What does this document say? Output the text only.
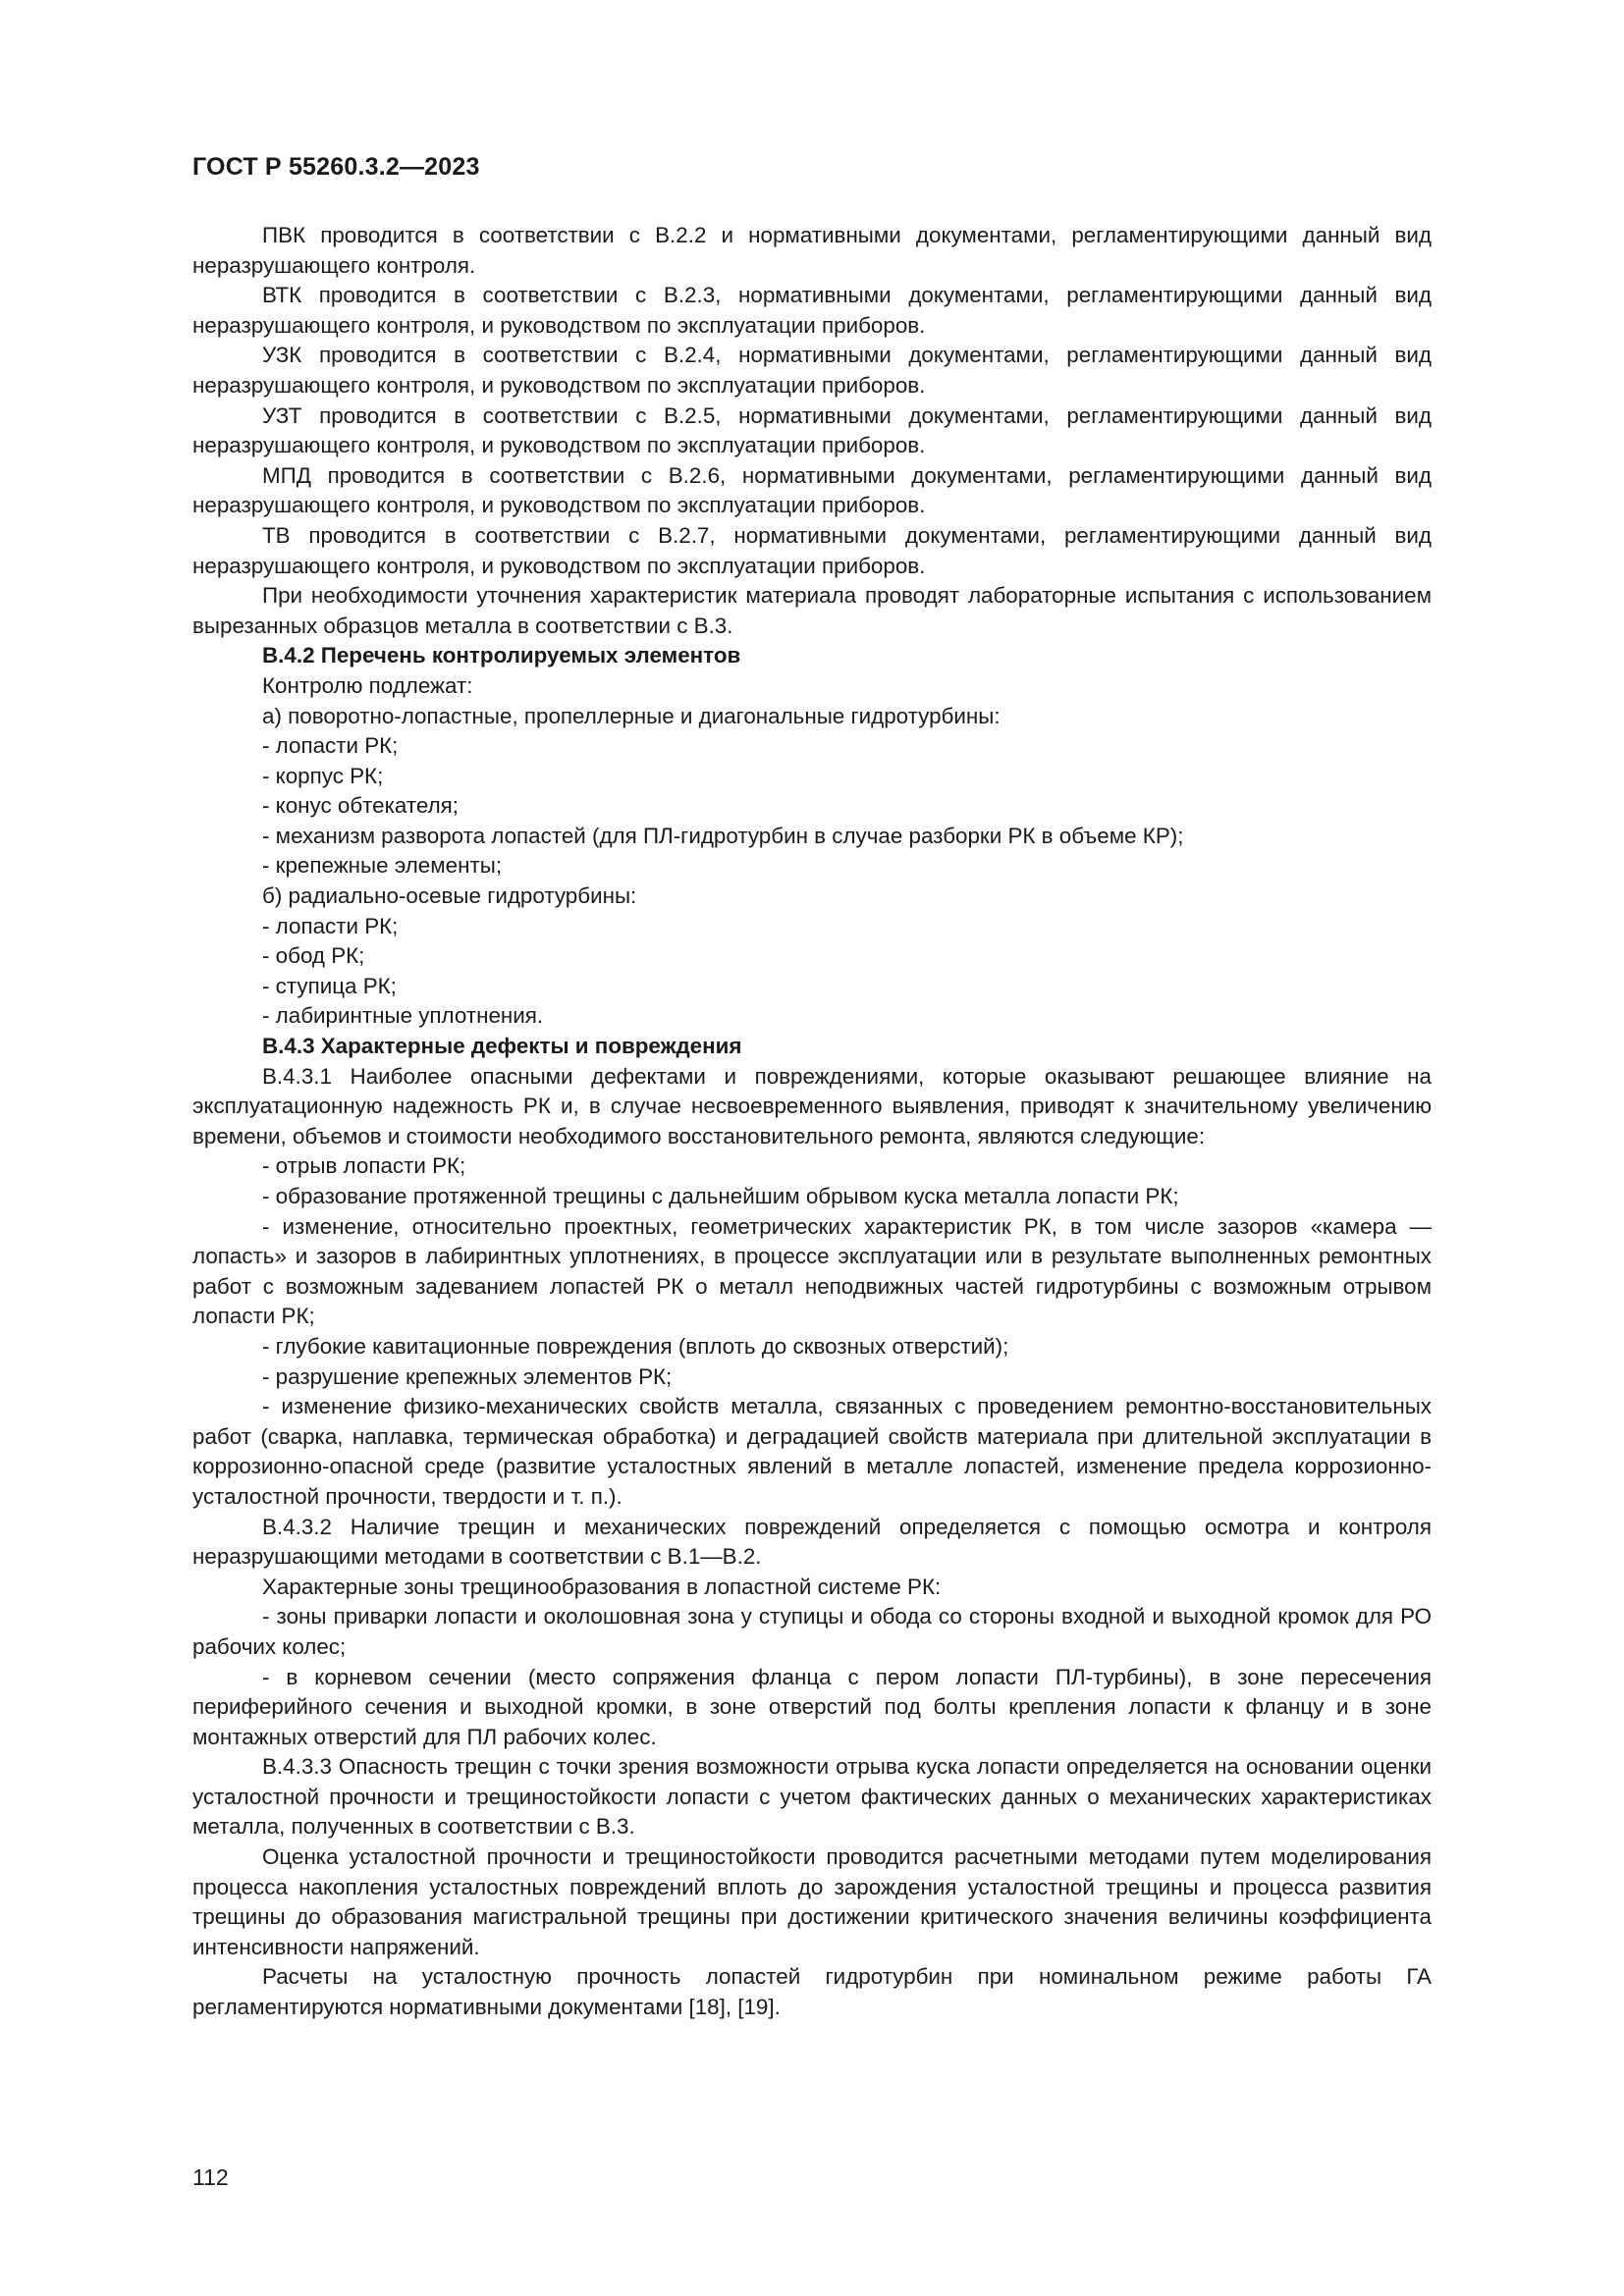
ГОСТ Р 55260.3.2—2023

ПВК проводится в соответствии с В.2.2 и нормативными документами, регламентирующими данный вид неразрушающего контроля.

ВТК проводится в соответствии с В.2.3, нормативными документами, регламентирующими данный вид неразрушающего контроля, и руководством по эксплуатации приборов.

УЗК проводится в соответствии с В.2.4, нормативными документами, регламентирующими данный вид неразрушающего контроля, и руководством по эксплуатации приборов.

УЗТ проводится в соответствии с В.2.5, нормативными документами, регламентирующими данный вид неразрушающего контроля, и руководством по эксплуатации приборов.

МПД проводится в соответствии с В.2.6, нормативными документами, регламентирующими данный вид неразрушающего контроля, и руководством по эксплуатации приборов.

ТВ проводится в соответствии с В.2.7, нормативными документами, регламентирующими данный вид неразрушающего контроля, и руководством по эксплуатации приборов.

При необходимости уточнения характеристик материала проводят лабораторные испытания с использованием вырезанных образцов металла в соответствии с В.3.

В.4.2 Перечень контролируемых элементов

Контролю подлежат:

а) поворотно-лопастные, пропеллерные и диагональные гидротурбины:

- лопасти РК;

- корпус РК;

- конус обтекателя;

- механизм разворота лопастей (для ПЛ-гидротурбин в случае разборки РК в объеме КР);

- крепежные элементы;

б) радиально-осевые гидротурбины:

- лопасти РК;

- обод РК;

- ступица РК;

- лабиринтные уплотнения.

В.4.3 Характерные дефекты и повреждения

В.4.3.1 Наиболее опасными дефектами и повреждениями, которые оказывают решающее влияние на эксплуатационную надежность РК и, в случае несвоевременного выявления, приводят к значительному увеличению времени, объемов и стоимости необходимого восстановительного ремонта, являются следующие:

- отрыв лопасти РК;

- образование протяженной трещины с дальнейшим обрывом куска металла лопасти РК;

- изменение, относительно проектных, геометрических характеристик РК, в том числе зазоров «камера — лопасть» и зазоров в лабиринтных уплотнениях, в процессе эксплуатации или в результате выполненных ремонтных работ с возможным задеванием лопастей РК о металл неподвижных частей гидротурбины с возможным отрывом лопасти РК;

- глубокие кавитационные повреждения (вплоть до сквозных отверстий);

- разрушение крепежных элементов РК;

- изменение физико-механических свойств металла, связанных с проведением ремонтно-восстановительных работ (сварка, наплавка, термическая обработка) и деградацией свойств материала при длительной эксплуатации в коррозионно-опасной среде (развитие усталостных явлений в металле лопастей, изменение предела коррозионно-усталостной прочности, твердости и т. п.).

В.4.3.2 Наличие трещин и механических повреждений определяется с помощью осмотра и контроля неразрушающими методами в соответствии с В.1—В.2.

Характерные зоны трещинообразования в лопастной системе РК:

- зоны приварки лопасти и околошовная зона у ступицы и обода со стороны входной и выходной кромок для РО рабочих колес;

- в корневом сечении (место сопряжения фланца с пером лопасти ПЛ-турбины), в зоне пересечения периферийного сечения и выходной кромки, в зоне отверстий под болты крепления лопасти к фланцу и в зоне монтажных отверстий для ПЛ рабочих колес.

В.4.3.3 Опасность трещин с точки зрения возможности отрыва куска лопасти определяется на основании оценки усталостной прочности и трещиностойкости лопасти с учетом фактических данных о механических характеристиках металла, полученных в соответствии с В.3.

Оценка усталостной прочности и трещиностойкости проводится расчетными методами путем моделирования процесса накопления усталостных повреждений вплоть до зарождения усталостной трещины и процесса развития трещины до образования магистральной трещины при достижении критического значения величины коэффициента интенсивности напряжений.

Расчеты на усталостную прочность лопастей гидротурбин при номинальном режиме работы ГА регламентируются нормативными документами [18], [19].

112
